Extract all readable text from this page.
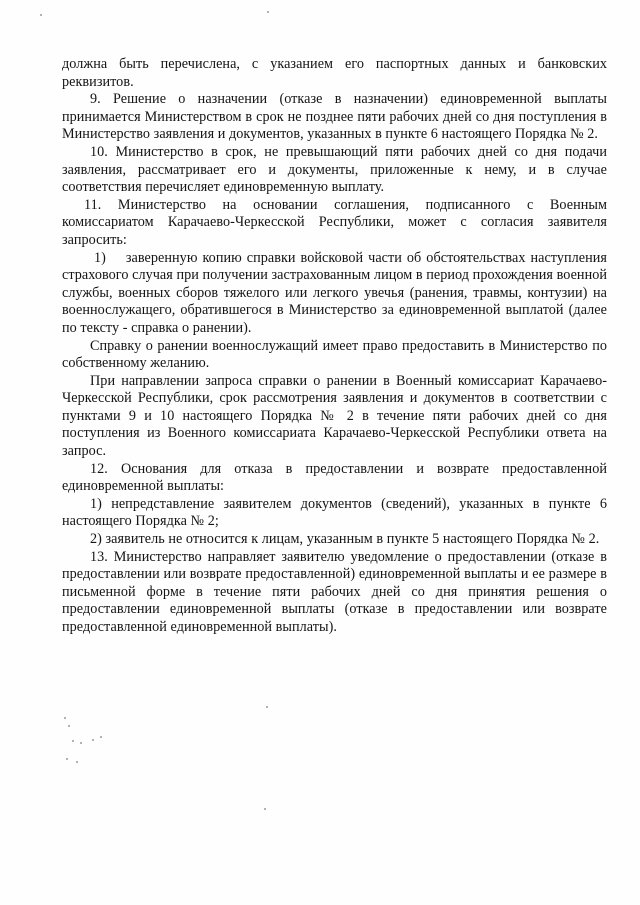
должна быть перечислена, с указанием его паспортных данных и банковских реквизитов.

9. Решение о назначении (отказе в назначении) единовременной выплаты принимается Министерством в срок не позднее пяти рабочих дней со дня поступления в Министерство заявления и документов, указанных в пункте 6 настоящего Порядка № 2.

10. Министерство в срок, не превышающий пяти рабочих дней со дня подачи заявления, рассматривает его и документы, приложенные к нему, и в случае соответствия перечисляет единовременную выплату.

11. Министерство на основании соглашения, подписанного с Военным комиссариатом Карачаево-Черкесской Республики, может с согласия заявителя запросить:

1)    заверенную копию справки войсковой части об обстоятельствах наступления страхового случая при получении застрахованным лицом в период прохождения военной службы, военных сборов тяжелого или легкого увечья (ранения, травмы, контузии) на военнослужащего, обратившегося в Министерство за единовременной выплатой (далее по тексту - справка о ранении).

Справку о ранении военнослужащий имеет право предоставить в Министерство по собственному желанию.

При направлении запроса справки о ранении в Военный комиссариат Карачаево-Черкесской Республики, срок рассмотрения заявления и документов в соответствии с пунктами 9 и 10 настоящего Порядка № 2 в течение пяти рабочих дней со дня поступления из Военного комиссариата Карачаево-Черкесской Республики ответа на запрос.

12. Основания для отказа в предоставлении и возврате предоставленной единовременной выплаты:

1) непредставление заявителем документов (сведений), указанных в пункте 6 настоящего Порядка № 2;

2) заявитель не относится к лицам, указанным в пункте 5 настоящего Порядка № 2.

13. Министерство направляет заявителю уведомление о предоставлении (отказе в предоставлении или возврате предоставленной) единовременной выплаты и ее размере в письменной форме в течение пяти рабочих дней со дня принятия решения о предоставлении единовременной выплаты (отказе в предоставлении или возврате предоставленной единовременной выплаты).
